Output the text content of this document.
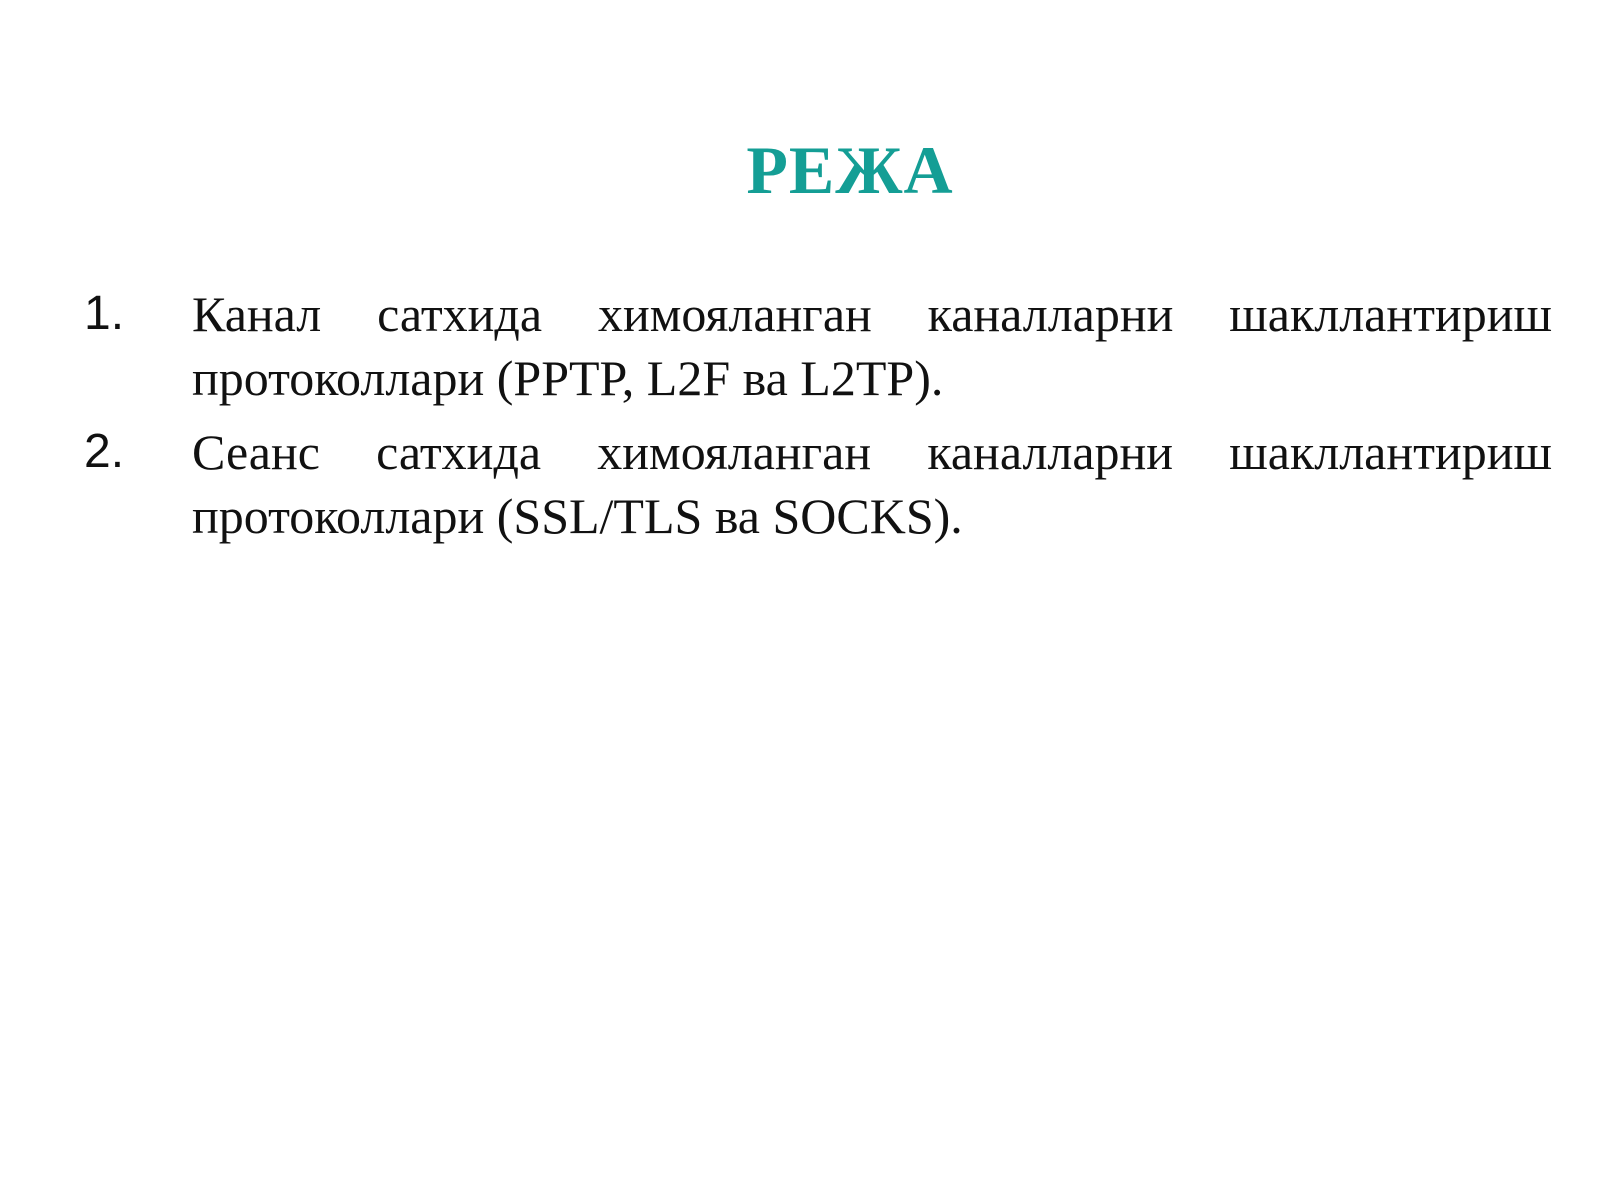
РЕЖА
1. Канал сатхида химояланган каналларни шакллантириш протоколлари (PPTP, L2F ва L2TP).
2. Сеанс сатхида химояланган каналларни шакллантириш протоколлари (SSL/TLS ва SOCKS).
